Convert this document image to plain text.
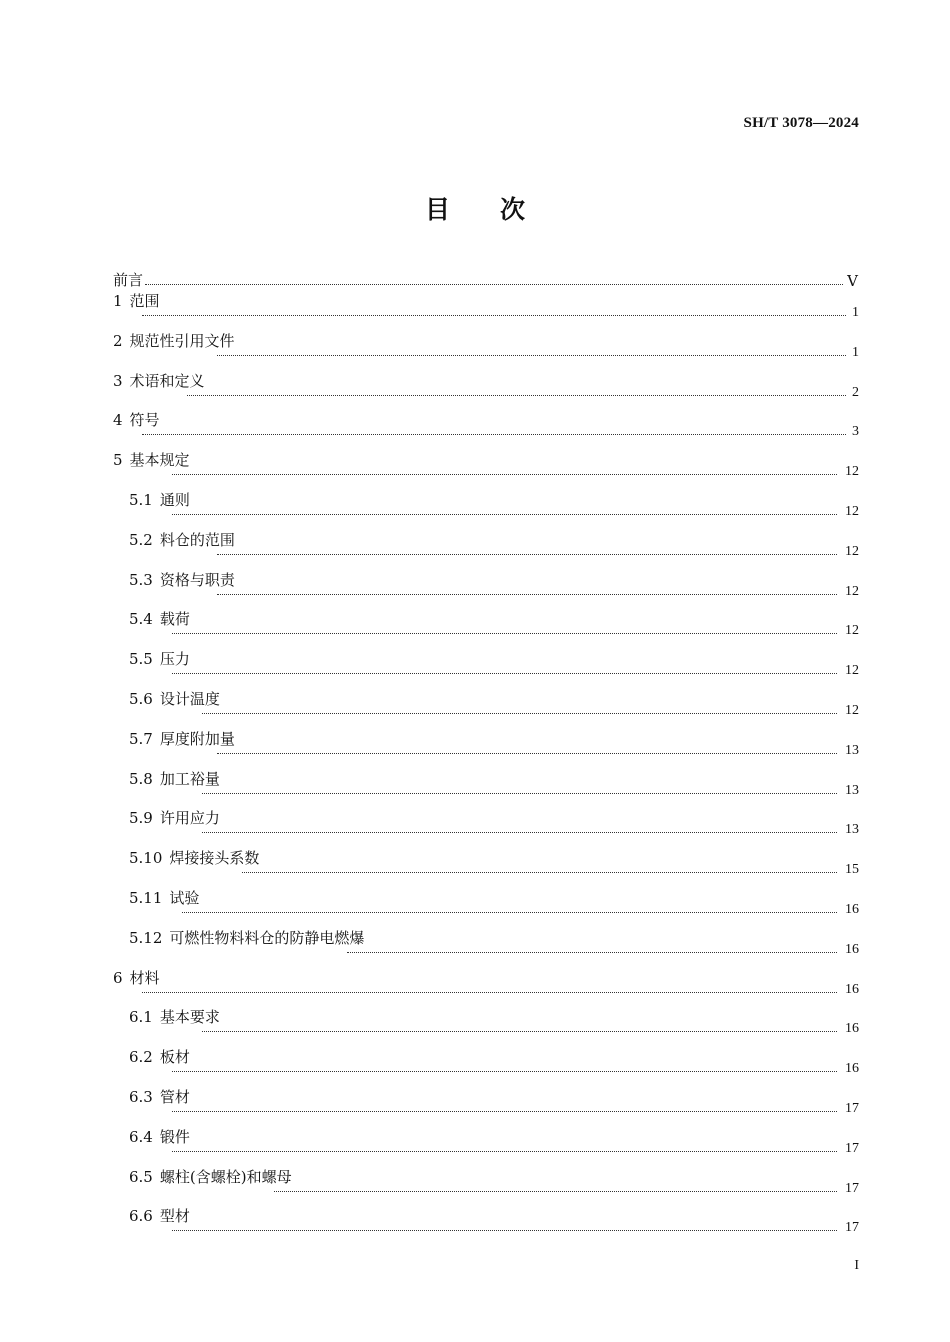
SH/T 3078—2024
目 次
前言	V
1 范围
1
2 规范性引用文件
1
3 术语和定义
2
4 符号
3
5 基本规定
12
5.1 通则
12
5.2 料仓的范围
12
5.3 资格与职责
12
5.4 载荷
12
5.5 压力
12
5.6 设计温度
12
5.7 厚度附加量
13
5.8 加工裕量
13
5.9 许用应力
13
5.10 焊接接头系数
15
5.11 试验
16
5.12 可燃性物料料仓的防静电燃爆
16
6 材料
16
6.1 基本要求
16
6.2 板材
16
6.3 管材
17
6.4 锻件
17
6.5 螺柱(含螺栓)和螺母
17
6.6 型材
17
I
